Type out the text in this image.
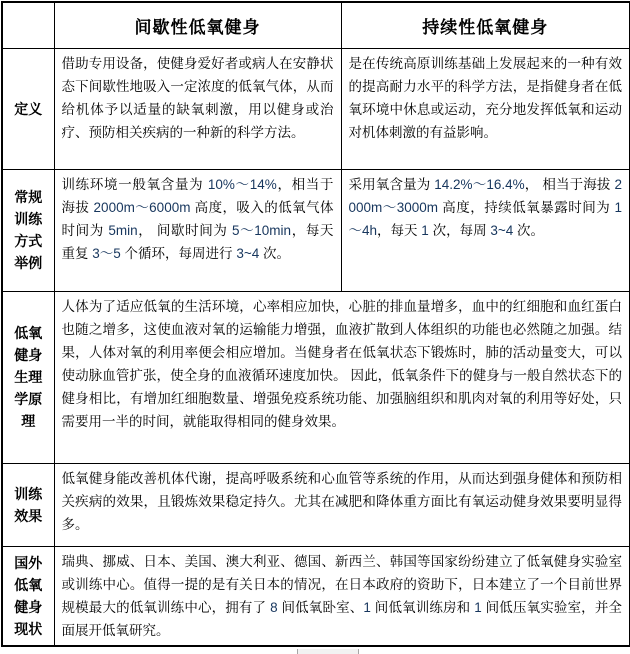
	间歇性低氧健身	持续性低氧健身
定义	借助专用设备，使健身爱好者或病人在安静状态下间歇性地吸入一定浓度的低氧气体，从而给机体予以适量的缺氧刺激，用以健身或治疗、预防相关疾病的一种新的科学方法。	是在传统高原训练基础上发展起来的一种有效的提高耐力水平的科学方法，是指健身者在低氧环境中休息或运动，充分地发挥低氧和运动对机体刺激的有益影响。
常规训练方式举例	训练环境一般氧含量为 10%～14%，相当于海拔 2000m～6000m 高度，吸入的低氧气体时间为 5min， 间歇时间为 5～10min，每天重复 3～5 个循环，每周进行 3~4 次。	采用氧含量为 14.2%～16.4%， 相当于海拔 2000m～3000m 高度，持续低氧暴露时间为 1～4h，每天 1 次，每周 3~4 次。
低氧健身生理学原理	人体为了适应低氧的生活环境，心率相应加快，心脏的排血量增多，血中的红细胞和血红蛋白也随之增多，这使血液对氧的运输能力增强，血液扩散到人体组织的功能也必然随之加强。结果，人体对氧的利用率便会相应增加。当健身者在低氧状态下锻炼时，肺的活动量变大，可以使动脉血管扩张，使全身的血液循环速度加快。 因此，低氧条件下的健身与一般自然状态下的健身相比，有增加红细胞数量、增强免疫系统功能、加强脑组织和肌肉对氧的利用等好处，只需要用一半的时间，就能取得相同的健身效果。	
训练效果	低氧健身能改善机体代谢，提高呼吸系统和心血管等系统的作用，从而达到强身健体和预防相关疾病的效果，且锻炼效果稳定持久。尤其在减肥和降体重方面比有氧运动健身效果要明显得多。	
国外低氧健身现状	瑞典、挪威、日本、美国、澳大利亚、德国、新西兰、韩国等国家纷纷建立了低氧健身实验室或训练中心。值得一提的是有关日本的情况，在日本政府的资助下，日本建立了一个目前世界规模最大的低氧训练中心，拥有了 8 间低氧卧室、1 间低氧训练房和 1 间低压氧实验室，并全面展开低氧研究。	
